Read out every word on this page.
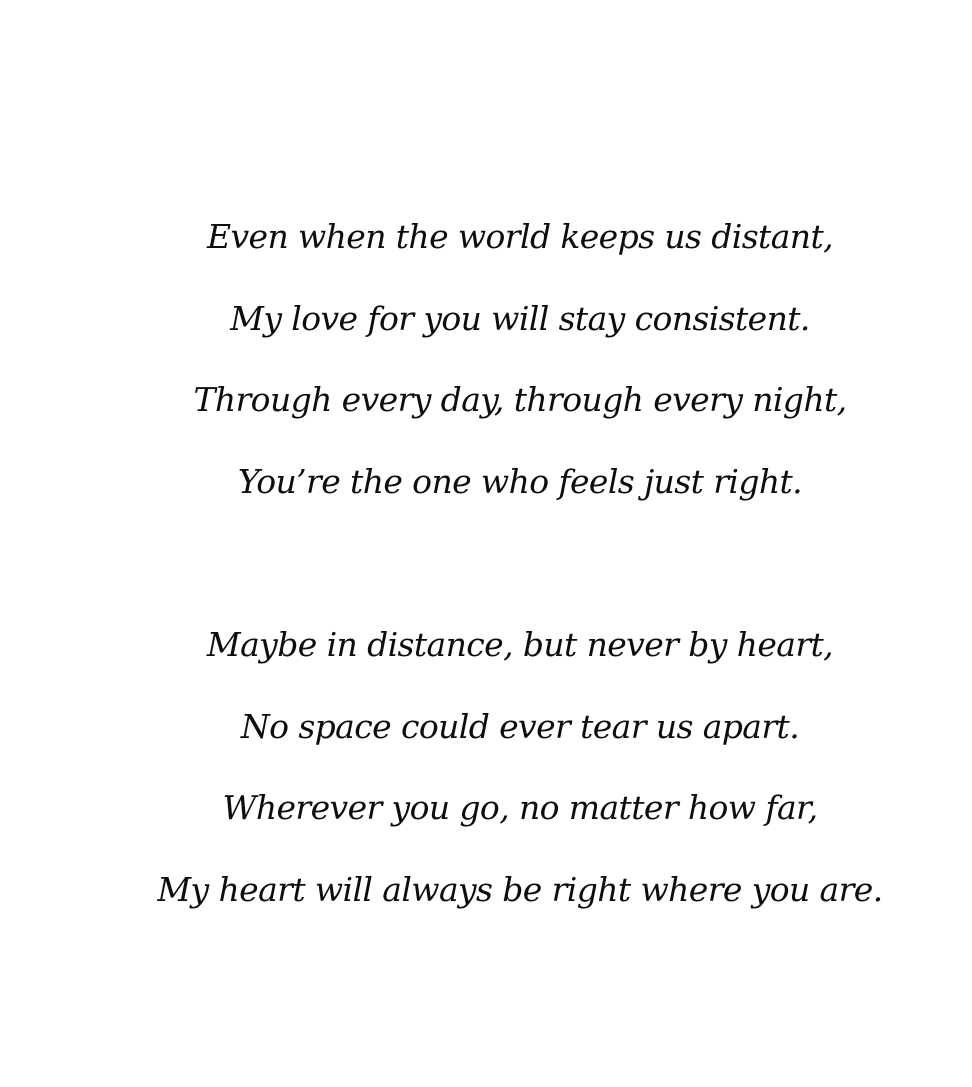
Even when the world keeps us distant,
My love for you will stay consistent.
Through every day, through every night,
You’re the one who feels just right.
Maybe in distance, but never by heart,
No space could ever tear us apart.
Wherever you go, no matter how far,
My heart will always be right where you are.
